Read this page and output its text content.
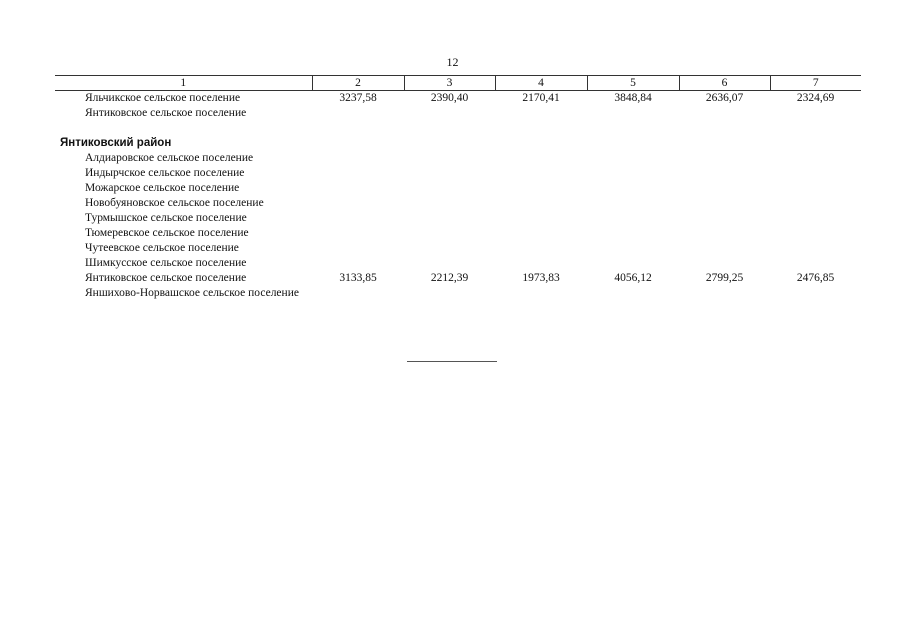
12
1	2	3	4	5	6	7

Яльчикское сельское поселение	3237,58	2390,40	2170,41	3848,84	2636,07	2324,69

Янтиковское сельское поселение						

Янтиковский район						

Алдиаровское сельское поселение						

Индырчское сельское поселение						

Можарское сельское поселение						

Новобуяновское сельское поселение						

Турмышское сельское поселение						

Тюмеревское сельское поселение						

Чутеевское сельское поселение						

Шимкусское сельское поселение						

Янтиковское сельское поселение	3133,85	2212,39	1973,83	4056,12	2799,25	2476,85

Яншихово-Норвашское сельское поселение						
